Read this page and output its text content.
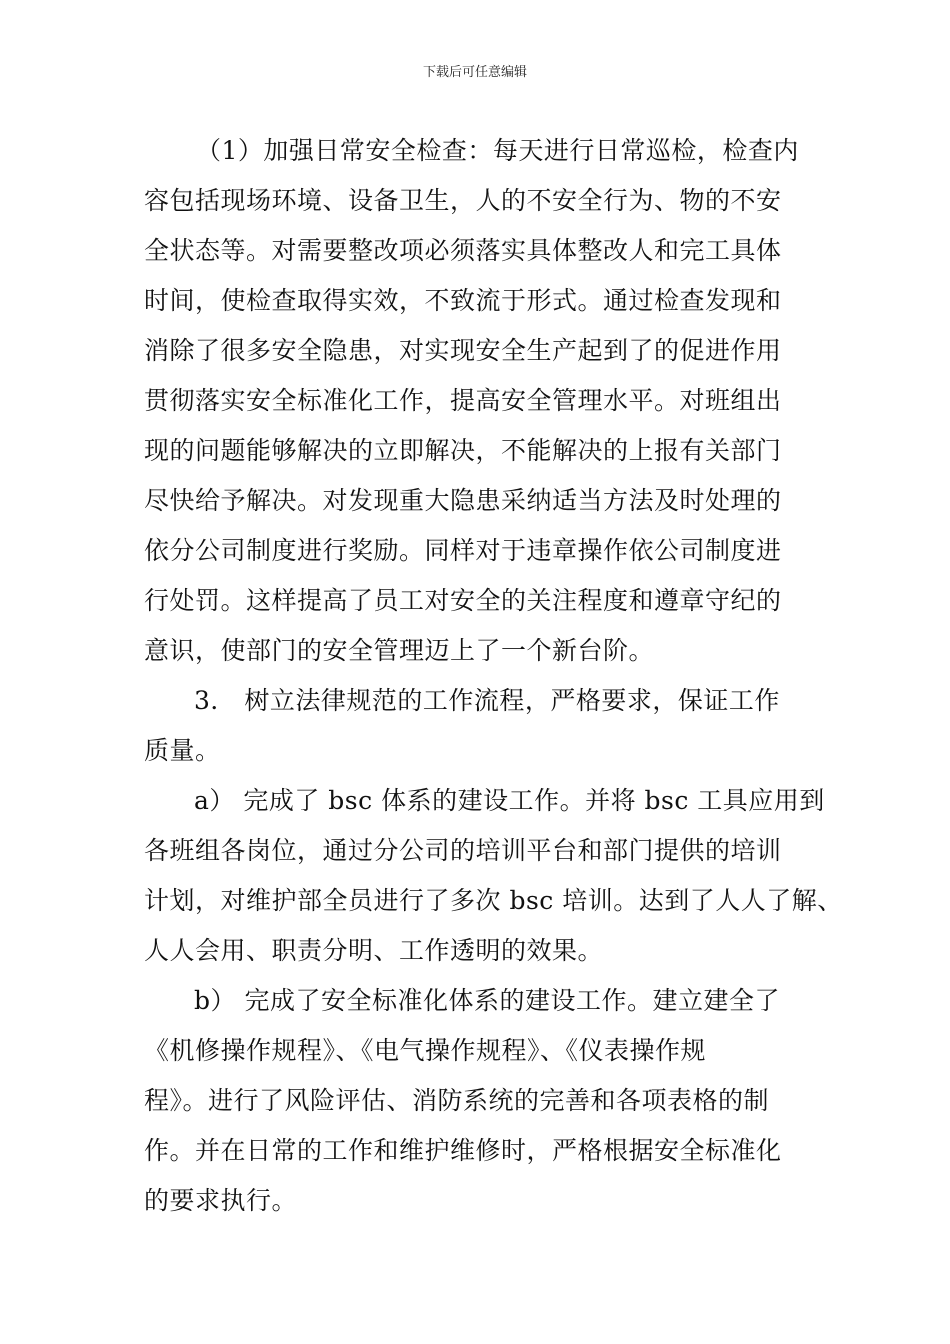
下载后可任意编辑
（1）加强日常安全检查：每天进行日常巡检，检查内
容包括现场环境、设备卫生，人的不安全行为、物的不安
全状态等。对需要整改项必须落实具体整改人和完工具体
时间，使检查取得实效，不致流于形式。通过检查发现和
消除了很多安全隐患，对实现安全生产起到了的促进作用
贯彻落实安全标准化工作，提高安全管理水平。对班组出
现的问题能够解决的立即解决，不能解决的上报有关部门
尽快给予解决。对发现重大隐患采纳适当方法及时处理的
依分公司制度进行奖励。同样对于违章操作依公司制度进
行处罚。这样提高了员工对安全的关注程度和遵章守纪的
意识，使部门的安全管理迈上了一个新台阶。
3． 树立法律规范的工作流程，严格要求，保证工作
质量。
a） 完成了 bsc 体系的建设工作。并将 bsc 工具应用到
各班组各岗位，通过分公司的培训平台和部门提供的培训
计划，对维护部全员进行了多次 bsc 培训。达到了人人了解、
人人会用、职责分明、工作透明的效果。
b） 完成了安全标准化体系的建设工作。建立建全了
《机修操作规程》、《电气操作规程》、《仪表操作规
程》。进行了风险评估、消防系统的完善和各项表格的制
作。并在日常的工作和维护维修时，严格根据安全标准化
的要求执行。
